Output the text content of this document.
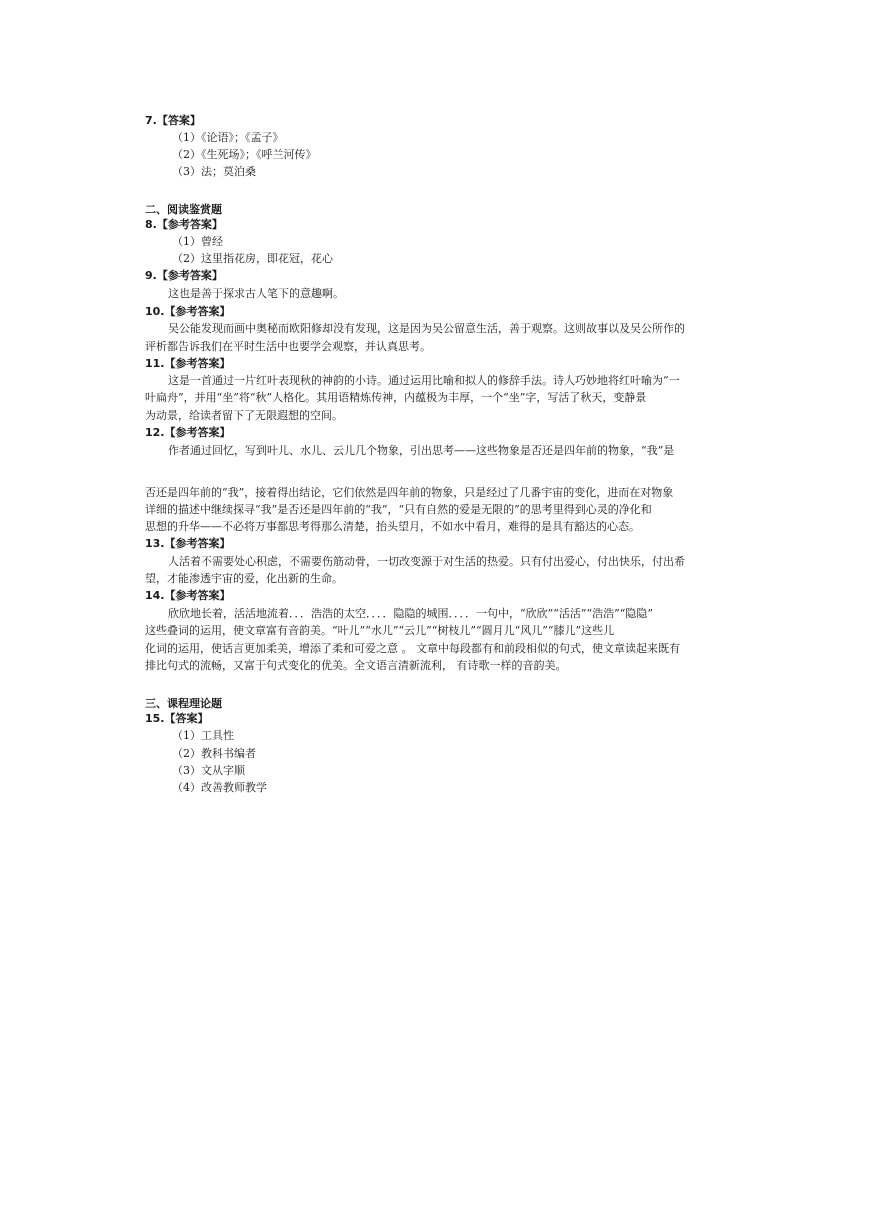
7.【答案】
（1）《论语》；《孟子》
（2）《生死场》；《呼兰河传》
（3）法；莫泊桑
二、阅读鉴赏题
8.【参考答案】
（1）曾经
（2）这里指花房，即花冠，花心
9.【参考答案】
这也是善于探求古人笔下的意趣啊。
10.【参考答案】
吴公能发现而画中奥秘而欧阳修却没有发现，这是因为吴公留意生活，善于观察。这则故事以及吴公所作的
评析都告诉我们在平时生活中也要学会观察，并认真思考。
11.【参考答案】
这是一首通过一片红叶表现秋的神韵的小诗。通过运用比喻和拟人的修辞手法。诗人巧妙地将红叶喻为“一
叶扁舟”，并用“坐”将“秋”人格化。其用语精炼传神，内蕴极为丰厚，一个“坐”字，写活了秋天，变静景
为动景，给读者留下了无限遐想的空间。
12.【参考答案】
作者通过回忆，写到叶儿、水儿、云儿几个物象，引出思考——这些物象是否还是四年前的物象，“我”是
否还是四年前的“我”，接着得出结论，它们依然是四年前的物象，只是经过了几番宇宙的变化，进而在对物象
详细的描述中继续探寻“我”是否还是四年前的“我”，“只有自然的爱是无限的”的思考里得到心灵的净化和
思想的升华——不必将万事都思考得那么清楚，抬头望月，不如水中看月，难得的是具有豁达的心态。
13.【参考答案】
人活着不需要处心积虑，不需要伤筋动骨，一切改变源于对生活的热爱。只有付出爱心，付出快乐，付出希
望，才能渗透宇宙的爱，化出新的生命。
14.【参考答案】
欣欣地长着，活活地流着．．．浩浩的太空．．．．隐隐的城围．．．．一句中，“欣欣”“活活”“浩浩”“隐隐”
这些叠词的运用，使文章富有音韵美。“叶儿”“水儿”“云儿”“树枝儿”“圆月儿“风儿”“膝儿”这些儿
化词的运用，使话言更加柔美，增添了柔和可爱之意 。 文章中每段都有和前段相似的句式，使文章读起来既有
排比句式的流畅，又富于句式变化的优美。全文语言清新流利， 有诗歌一样的音韵美。
三、课程理论题
15.【答案】
（1）工具性
（2）教科书编者
（3）文从字顺
（4）改善教师教学
